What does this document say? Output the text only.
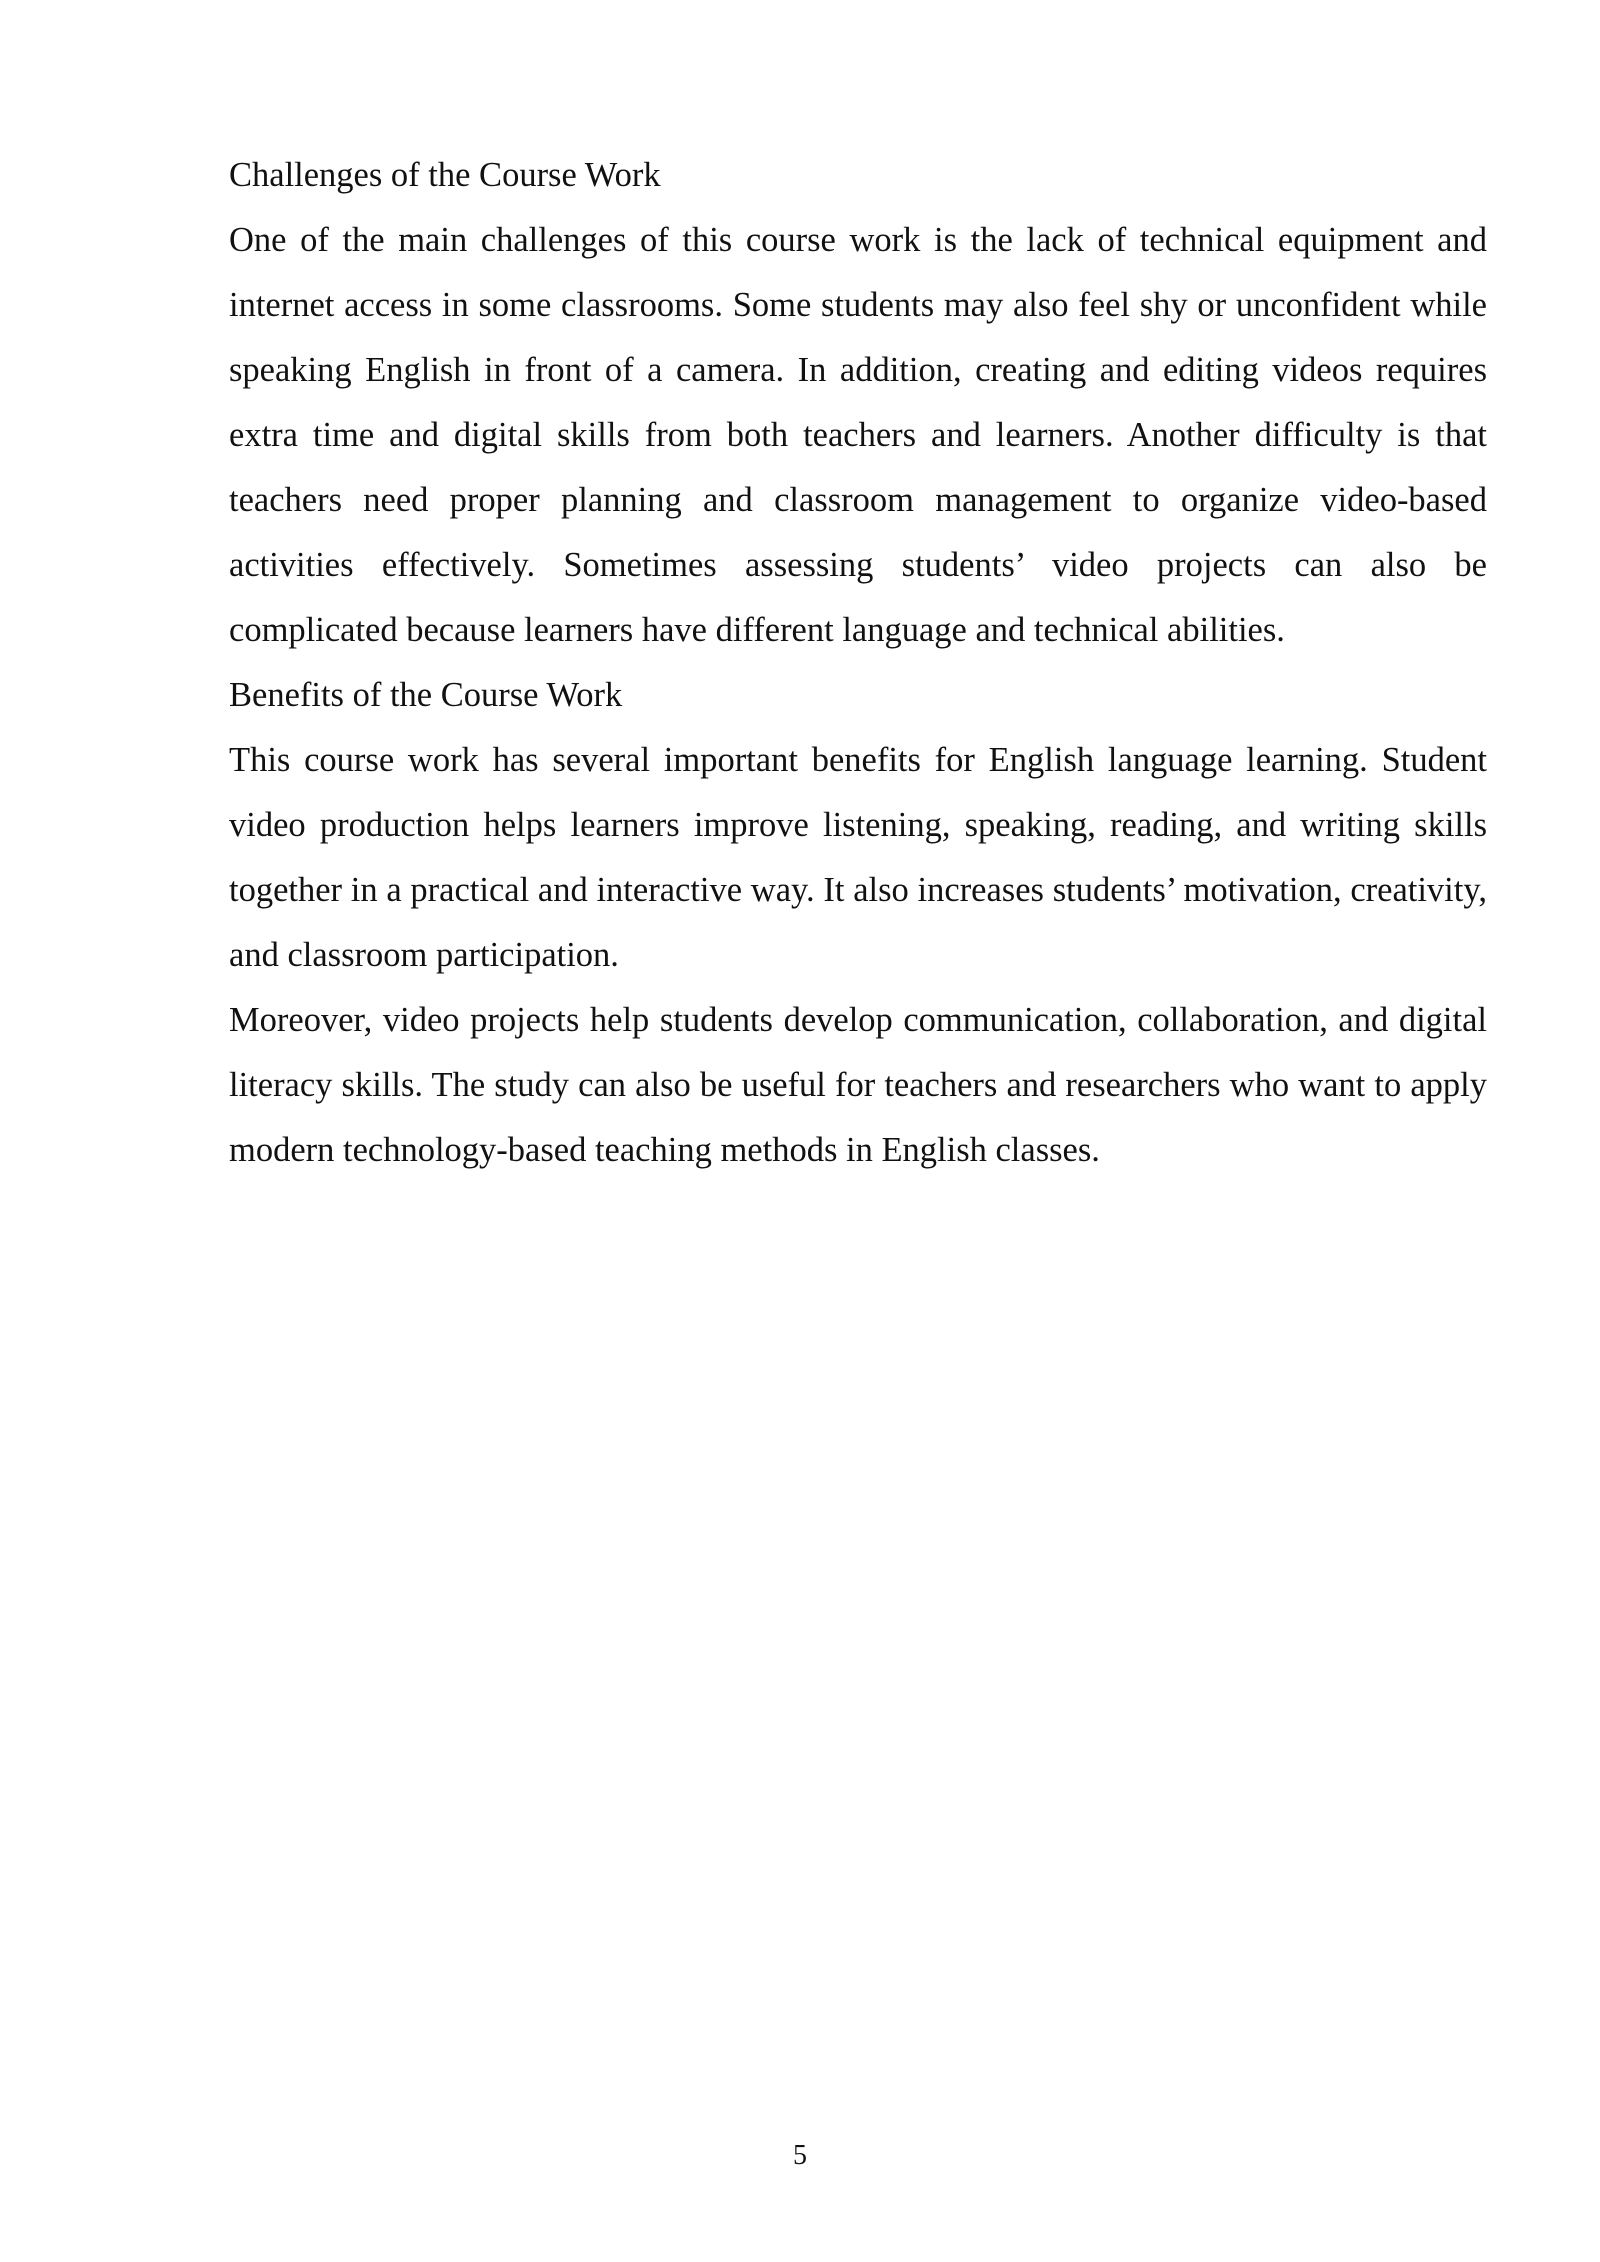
Challenges of the Course Work

One of the main challenges of this course work is the lack of technical equipment and internet access in some classrooms. Some students may also feel shy or unconfident while speaking English in front of a camera. In addition, creating and editing videos requires extra time and digital skills from both teachers and learners. Another difficulty is that teachers need proper planning and classroom management to organize video-based activities effectively. Sometimes assessing students’ video projects can also be complicated because learners have different language and technical abilities.

Benefits of the Course Work

This course work has several important benefits for English language learning. Student video production helps learners improve listening, speaking, reading, and writing skills together in a practical and interactive way. It also increases students’ motivation, creativity, and classroom participation.

Moreover, video projects help students develop communication, collaboration, and digital literacy skills. The study can also be useful for teachers and researchers who want to apply modern technology-based teaching methods in English classes.

5
